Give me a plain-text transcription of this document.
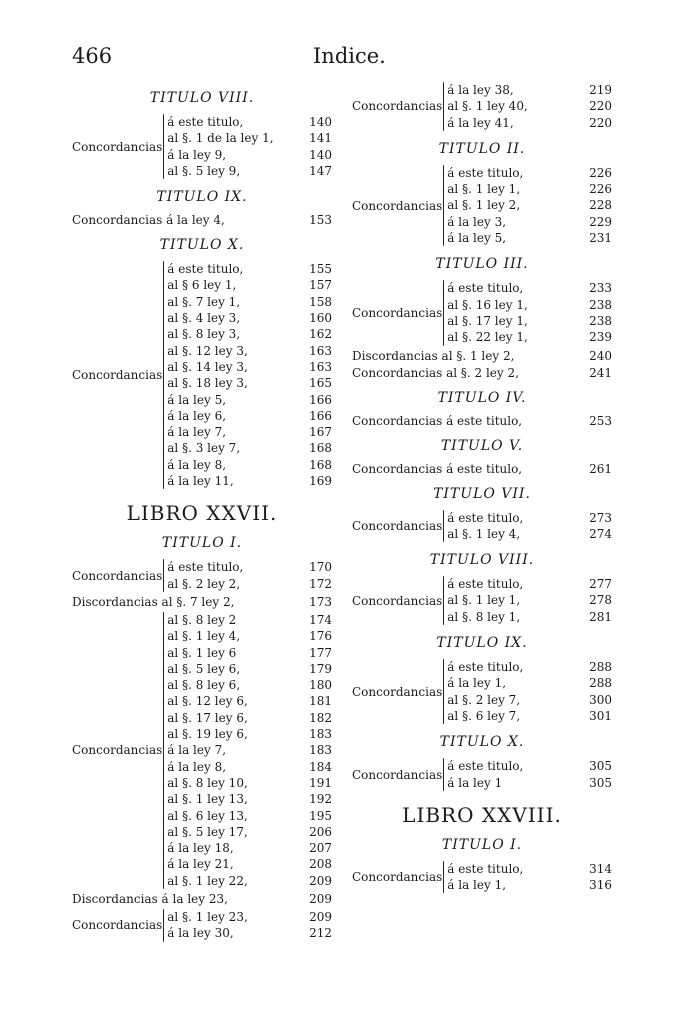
466	Indice.

TITULO VIII.

Concordancias
á este titulo,	140
al §. 1 de la ley 1,	141
á la ley 9,	140
al §. 5 ley 9,	147

TITULO IX.

Concordancias á la ley 4,	153

TITULO X.

Concordancias
á este titulo,	155
al § 6 ley 1,	157
al §. 7 ley 1,	158
al §. 4 ley 3,	160
al §. 8 ley 3,	162
al §. 12 ley 3,	163
al §. 14 ley 3,	163
al §. 18 ley 3,	165
á la ley 5,	166
á la ley 6,	166
á la ley 7,	167
al §. 3 ley 7,	168
á la ley 8,	168
á la ley 11,	169

LIBRO XXVII.

TITULO I.

Concordancias
á este titulo,	170
al §. 2 ley 2,	172
Discordancias al §. 7 ley 2,	173
Concordancias
al §. 8 ley 2	174
al §. 1 ley 4,	176
al §. 1 ley 6	177
al §. 5 ley 6,	179
al §. 8 ley 6,	180
al §. 12 ley 6,	181
al §. 17 ley 6,	182
al §. 19 ley 6,	183
á la ley 7,	183
á la ley 8,	184
al §. 8 ley 10,	191
al §. 1 ley 13,	192
al §. 6 ley 13,	195
al §. 5 ley 17,	206
á la ley 18,	207
á la ley 21,	208
al §. 1 ley 22,	209
Discordancias á la ley 23,	209
Concordancias
al §. 1 ley 23,	209
á la ley 30,	212
Concordancias
á la ley 38,	219
al §. 1 ley 40,	220
á la ley 41,	220

TITULO II.

Concordancias
á este titulo,	226
al §. 1 ley 1,	226
al §. 1 ley 2,	228
á la ley 3,	229
á la ley 5,	231

TITULO III.

Concordancias
á este titulo,	233
al §. 16 ley 1,	238
al §. 17 ley 1,	238
al §. 22 ley 1,	239
Discordancias al §. 1 ley 2,	240
Concordancias al §. 2 ley 2,	241

TITULO IV.

Concordancias á este titulo,	253

TITULO V.

Concordancias á este titulo,	261

TITULO VII.

Concordancias
á este titulo,	273
al §. 1 ley 4,	274

TITULO VIII.

Concordancias
á este titulo,	277
al §. 1 ley 1,	278
al §. 8 ley 1,	281

TITULO IX.

Concordancias
á este titulo,	288
á la ley 1,	288
al §. 2 ley 7,	300
al §. 6 ley 7,	301

TITULO X.

Concordancias
á este titulo,	305
á la ley 1	305

LIBRO XXVIII.

TITULO I.

Concordancias
á este titulo,	314
á la ley 1,	316
